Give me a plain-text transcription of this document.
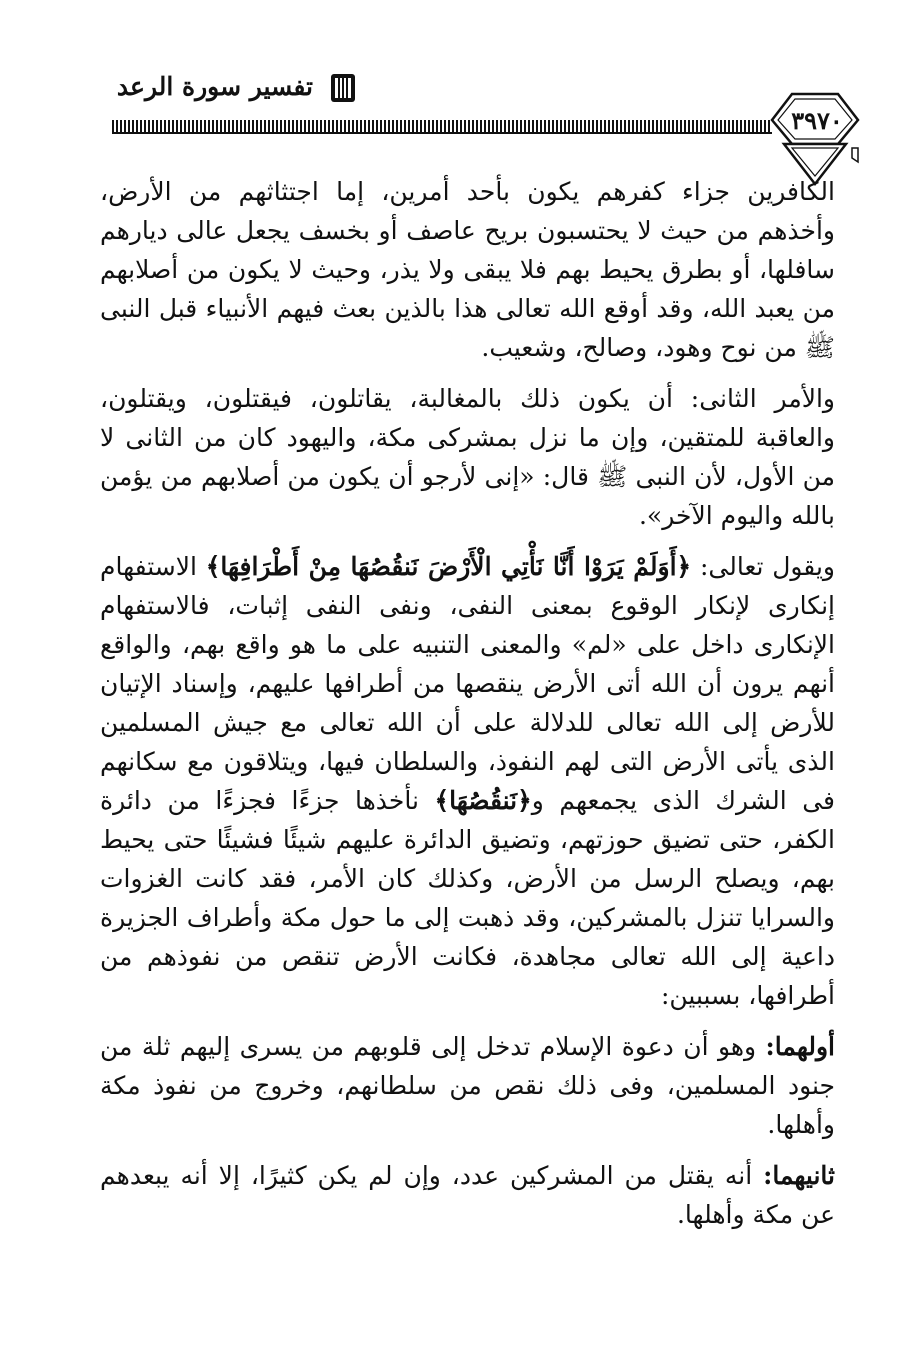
تفسير سورة الرعد
٣٩٧٠

الكافرين جزاء كفرهم يكون بأحد أمرين، إما اجتثاثهم من الأرض، وأخذهم من حيث لا يحتسبون بريح عاصف أو بخسف يجعل عالى ديارهم سافلها، أو بطرق يحيط بهم فلا يبقى ولا يذر، وحيث لا يكون من أصلابهم من يعبد الله، وقد أوقع الله تعالى هذا بالذين بعث فيهم الأنبياء قبل النبى ﷺ من نوح وهود، وصالح، وشعيب.

والأمر الثانى: أن يكون ذلك بالمغالبة، يقاتلون، فيقتلون، ويقتلون، والعاقبة للمتقين، وإن ما نزل بمشركى مكة، واليهود كان من الثانى لا من الأول، لأن النبى ﷺ قال: «إنى لأرجو أن يكون من أصلابهم من يؤمن بالله واليوم الآخر».

ويقول تعالى: ﴿أَوَلَمْ يَرَوْا أَنَّا نَأْتِي الْأَرْضَ نَنقُصُهَا مِنْ أَطْرَافِهَا﴾ الاستفهام إنكارى لإنكار الوقوع بمعنى النفى، ونفى النفى إثبات، فالاستفهام الإنكارى داخل على «لم» والمعنى التنبيه على ما هو واقع بهم، والواقع أنهم يرون أن الله أتى الأرض ينقصها من أطرافها عليهم، وإسناد الإتيان للأرض إلى الله تعالى للدلالة على أن الله تعالى مع جيش المسلمين الذى يأتى الأرض التى لهم النفوذ، والسلطان فيها، ويتلاقون مع سكانهم فى الشرك الذى يجمعهم و﴿نَنقُصُهَا﴾ نأخذها جزءًا فجزءًا من دائرة الكفر، حتى تضيق حوزتهم، وتضيق الدائرة عليهم شيئًا فشيئًا حتى يحيط بهم، ويصلح الرسل من الأرض، وكذلك كان الأمر، فقد كانت الغزوات والسرايا تنزل بالمشركين، وقد ذهبت إلى ما حول مكة وأطراف الجزيرة داعية إلى الله تعالى مجاهدة، فكانت الأرض تنقص من نفوذهم من أطرافها، بسببين:

أولهما: وهو أن دعوة الإسلام تدخل إلى قلوبهم من يسرى إليهم ثلة من جنود المسلمين، وفى ذلك نقص من سلطانهم، وخروج من نفوذ مكة وأهلها.

ثانيهما: أنه يقتل من المشركين عدد، وإن لم يكن كثيرًا، إلا أنه يبعدهم عن مكة وأهلها.
